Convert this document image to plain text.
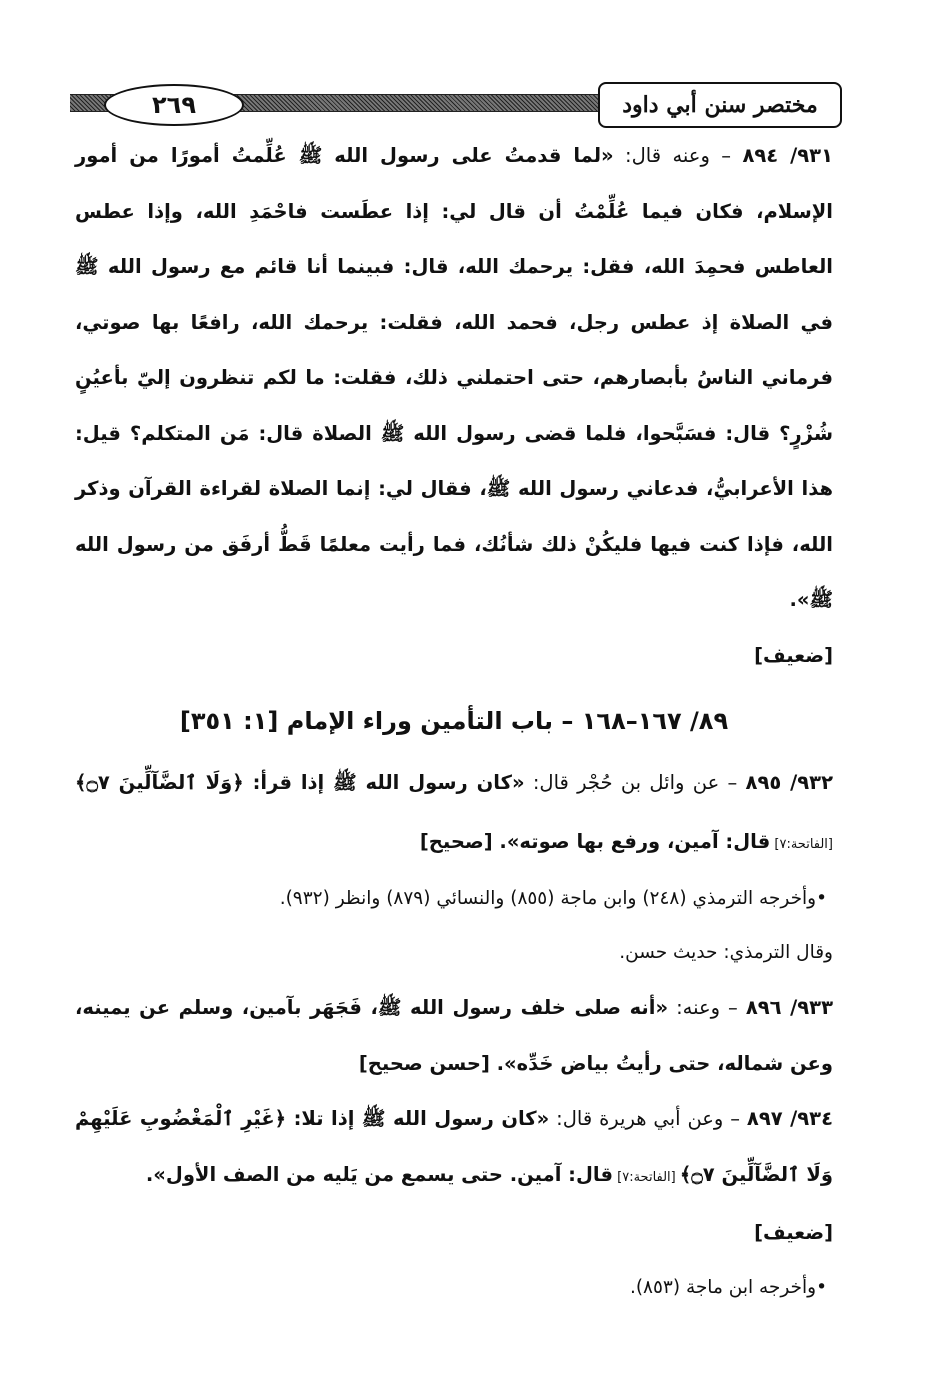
٢٦٩	مختصر سنن أبي داود

٩٣١/ ٨٩٤ – وعنه قال: «لما قدمتُ على رسول الله ﷺ عُلِّمتُ أمورًا من أمور الإسلام، فكان فيما عُلِّمْتُ أن قال لي: إذا عطَست فاحْمَدِ الله، وإذا عطس العاطس فحمِدَ الله، فقل: يرحمك الله، قال: فبينما أنا قائم مع رسول الله ﷺ في الصلاة إذ عطس رجل، فحمد الله، فقلت: يرحمك الله، رافعًا بها صوتي، فرماني الناسُ بأبصارهم، حتى احتملني ذلك، فقلت: ما لكم تنظرون إليّ بأعيُنٍ شُزْرٍ؟ قال: فسَبَّحوا، فلما قضى رسول الله ﷺ الصلاة قال: مَن المتكلم؟ قيل: هذا الأعرابيُّ، فدعاني رسول الله ﷺ، فقال لي: إنما الصلاة لقراءة القرآن وذكر الله، فإذا كنت فيها فليكُنْ ذلك شأنُك، فما رأيت معلمًا قَطُّ أرفَق من رسول الله ﷺ».

[ضعيف]

٨٩/ ١٦٧–١٦٨ – باب التأمين وراء الإمام [١: ٣٥١]

٩٣٢/ ٨٩٥ – عن وائل بن حُجْر قال: «كان رسول الله ﷺ إذا قرأ: ﴿وَلَا ٱلضَّآلِّينَ ۝٧﴾ [الفاتحة:٧] قال: آمين، ورفع بها صوته». [صحيح]

•وأخرجه الترمذي (٢٤٨) وابن ماجة (٨٥٥) والنسائي (٨٧٩) وانظر (٩٣٢).

وقال الترمذي: حديث حسن.

٩٣٣/ ٨٩٦ – وعنه: «أنه صلى خلف رسول الله ﷺ، فَجَهَر بآمين، وسلم عن يمينه، وعن شماله، حتى رأيتُ بياض خَدِّه». [حسن صحيح]

٩٣٤/ ٨٩٧ – وعن أبي هريرة قال: «كان رسول الله ﷺ إذا تلا: ﴿غَيْرِ ٱلْمَغْضُوبِ عَلَيْهِمْ وَلَا ٱلضَّآلِّينَ ۝٧﴾ [الفاتحة:٧] قال: آمين. حتى يسمع من يَليه من الصف الأول».

[ضعيف]

•وأخرجه ابن ماجة (٨٥٣).
